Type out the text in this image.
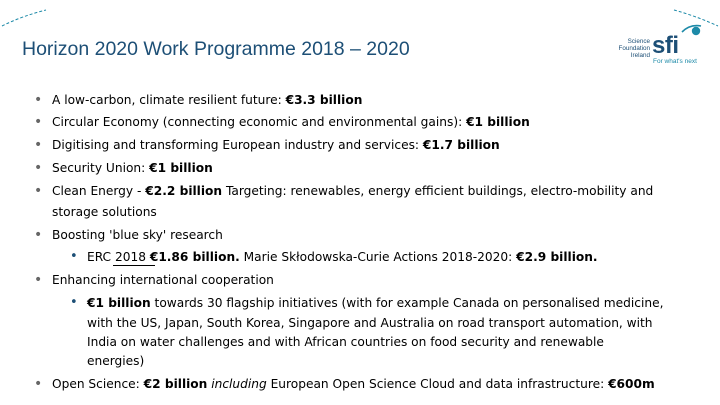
Horizon 2020 Work Programme 2018 – 2020	Science
Foundation
Ireland sfi
For what's next
• A low-carbon, climate resilient future: €3.3 billion
• Circular Economy (connecting economic and environmental gains): €1 billion
• Digitising and transforming European industry and services: €1.7 billion
• Security Union: €1 billion
• Clean Energy - €2.2 billion Targeting: renewables, energy efficient buildings, electro-mobility and
storage solutions
• Boosting 'blue sky' research
• ERC 2018 €1.86 billion. Marie Skłodowska-Curie Actions 2018-2020: €2.9 billion.
• Enhancing international cooperation
• €1 billion towards 30 flagship initiatives (with for example Canada on personalised medicine,
with the US, Japan, South Korea, Singapore and Australia on road transport automation, with
India on water challenges and with African countries on food security and renewable
energies)
• Open Science: €2 billion including European Open Science Cloud and data infrastructure: €600m
